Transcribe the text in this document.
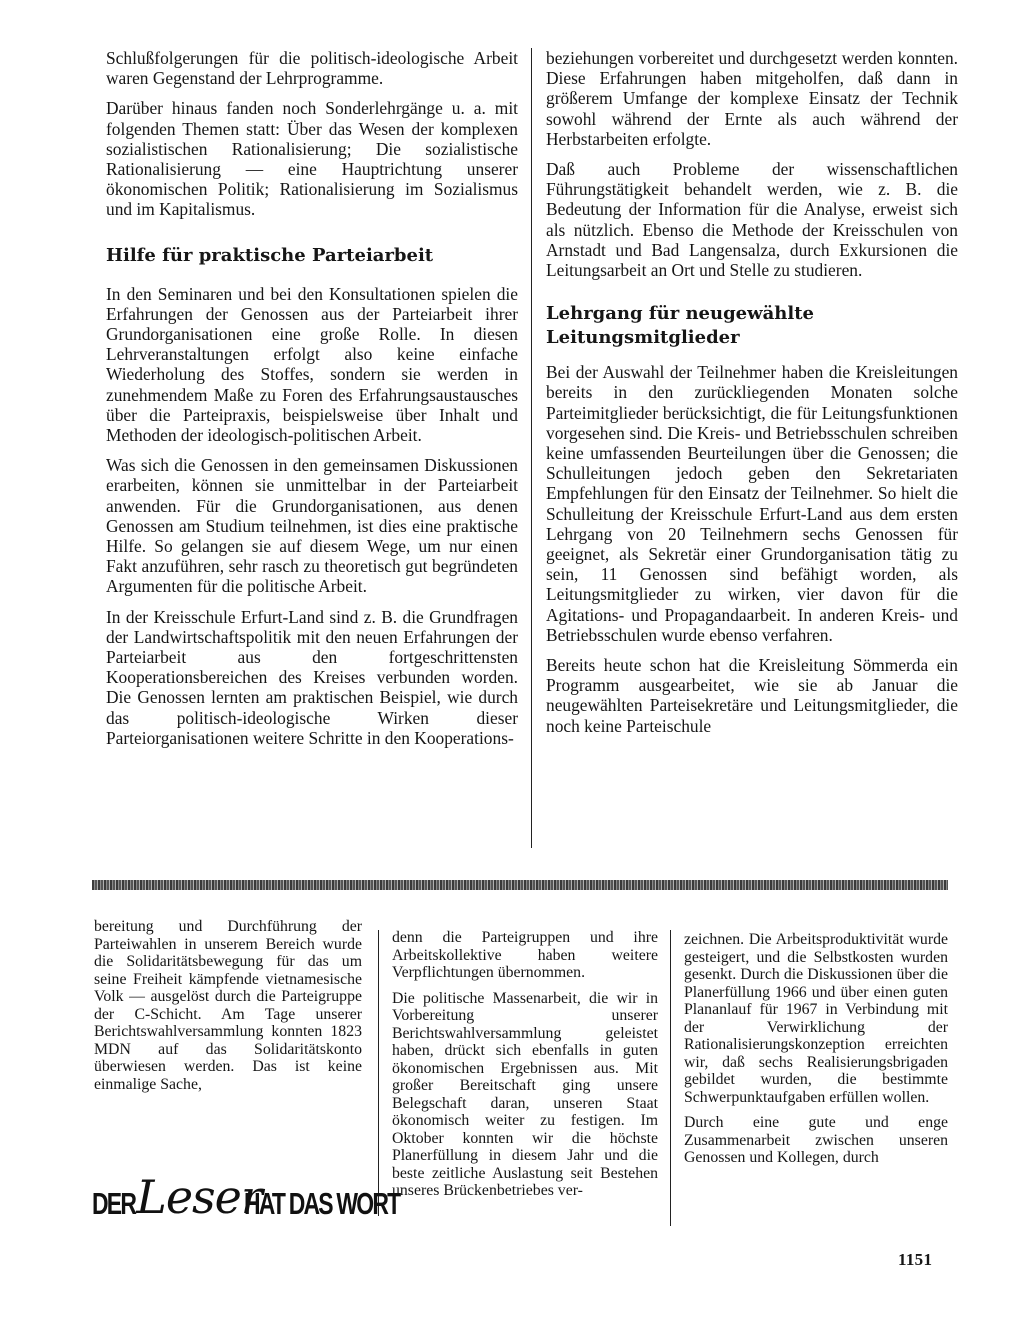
Schlußfolgerungen für die politisch-ideologische Arbeit waren Gegenstand der Lehrprogramme.

Darüber hinaus fanden noch Sonderlehrgänge u. a. mit folgenden Themen statt: Über das Wesen der komplexen sozialistischen Rationalisierung; Die sozialistische Rationalisierung — eine Hauptrichtung unserer ökonomischen Politik; Rationalisierung im Sozialismus und im Kapitalismus.

Hilfe für praktische Parteiarbeit

In den Seminaren und bei den Konsultationen spielen die Erfahrungen der Genossen aus der Parteiarbeit ihrer Grundorganisationen eine große Rolle. In diesen Lehrveranstaltungen erfolgt also keine einfache Wiederholung des Stoffes, sondern sie werden in zunehmendem Maße zu Foren des Erfahrungsaustausches über die Parteipraxis, beispielsweise über Inhalt und Methoden der ideologisch-politischen Arbeit.

Was sich die Genossen in den gemeinsamen Diskussionen erarbeiten, können sie unmittelbar in der Parteiarbeit anwenden. Für die Grundorganisationen, aus denen Genossen am Studium teilnehmen, ist dies eine praktische Hilfe. So gelangen sie auf diesem Wege, um nur einen Fakt anzuführen, sehr rasch zu theoretisch gut begründeten Argumenten für die politische Arbeit.

In der Kreisschule Erfurt-Land sind z. B. die Grundfragen der Landwirtschaftspolitik mit den neuen Erfahrungen der Parteiarbeit aus den fortgeschrittensten Kooperationsbereichen des Kreises verbunden worden. Die Genossen lernten am praktischen Beispiel, wie durch das politisch-ideologische Wirken dieser Parteiorganisationen weitere Schritte in den Kooperations-

beziehungen vorbereitet und durchgesetzt werden konnten. Diese Erfahrungen haben mitgeholfen, daß dann in größerem Umfange der komplexe Einsatz der Technik sowohl während der Ernte als auch während der Herbstarbeiten erfolgte.

Daß auch Probleme der wissenschaftlichen Führungstätigkeit behandelt werden, wie z. B. die Bedeutung der Information für die Analyse, erweist sich als nützlich. Ebenso die Methode der Kreisschulen von Arnstadt und Bad Langensalza, durch Exkursionen die Leitungsarbeit an Ort und Stelle zu studieren.

Lehrgang für neugewählte
Leitungsmitglieder

Bei der Auswahl der Teilnehmer haben die Kreisleitungen bereits in den zurückliegenden Monaten solche Parteimitglieder berücksichtigt, die für Leitungsfunktionen vorgesehen sind. Die Kreis- und Betriebsschulen schreiben keine umfassenden Beurteilungen über die Genossen; die Schulleitungen jedoch geben den Sekretariaten Empfehlungen für den Einsatz der Teilnehmer. So hielt die Schulleitung der Kreisschule Erfurt-Land aus dem ersten Lehrgang von 20 Teilnehmern sechs Genossen für geeignet, als Sekretär einer Grundorganisation tätig zu sein, 11 Genossen sind befähigt worden, als Leitungsmitglieder zu wirken, vier davon für die Agitations- und Propagandaarbeit. In anderen Kreis- und Betriebsschulen wurde ebenso verfahren.

Bereits heute schon hat die Kreisleitung Sömmerda ein Programm ausgearbeitet, wie sie ab Januar die neugewählten Parteisekretäre und Leitungsmitglieder, die noch keine Parteischule

bereitung und Durchführung der Parteiwahlen in unserem Bereich wurde die Solidaritätsbewegung für das um seine Freiheit kämpfende vietnamesische Volk — ausgelöst durch die Parteigruppe der C-Schicht. Am Tage unserer Berichtswahlversammlung konnten 1823 MDN auf das Solidaritätskonto überwiesen werden. Das ist keine einmalige Sache,

denn die Parteigruppen und ihre Arbeitskollektive haben weitere Verpflichtungen übernommen.

Die politische Massenarbeit, die wir in Vorbereitung unserer Berichtswahlversammlung geleistet haben, drückt sich ebenfalls in guten ökonomischen Ergebnissen aus. Mit großer Bereitschaft ging unsere Belegschaft daran, unseren Staat ökonomisch weiter zu festigen. Im Oktober konnten wir die höchste Planerfüllung in diesem Jahr und die beste zeitliche Auslastung seit Bestehen unseres Brückenbetriebes ver-

zeichnen. Die Arbeitsproduktivität wurde gesteigert, und die Selbstkosten wurden gesenkt. Durch die Diskussionen über die Planerfüllung 1966 und über einen guten Plananlauf für 1967 in Verbindung mit der Verwirklichung der Rationalisierungskonzeption erreichten wir, daß sechs Realisierungsbrigaden gebildet wurden, die bestimmte Schwerpunktaufgaben erfüllen wollen.

Durch eine gute und enge Zusammenarbeit zwischen unseren Genossen und Kollegen, durch

DER Leser
HAT DAS WORT
1151
